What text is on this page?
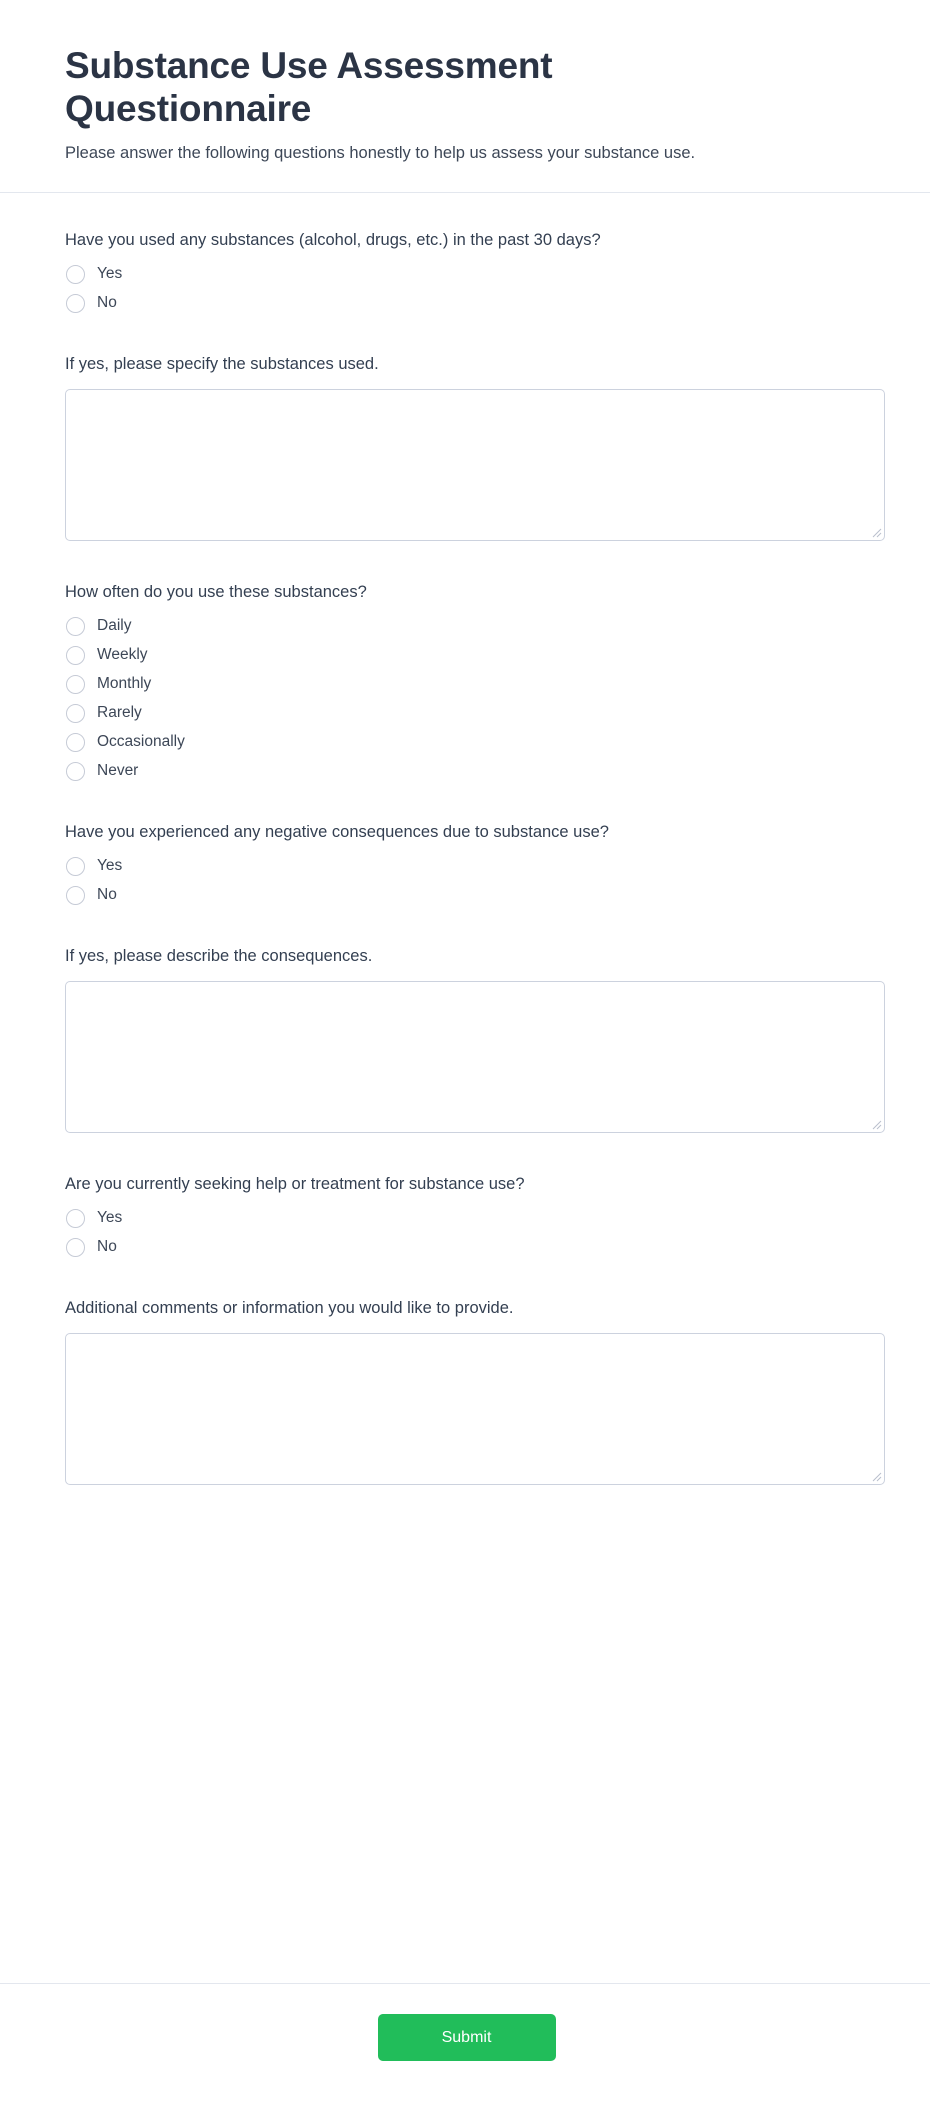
Substance Use Assessment Questionnaire

Please answer the following questions honestly to help us assess your substance use.

Have you used any substances (alcohol, drugs, etc.) in the past 30 days?

Yes
No

If yes, please specify the substances used.

How often do you use these substances?

Daily
Weekly
Monthly
Rarely
Occasionally
Never

Have you experienced any negative consequences due to substance use?

Yes
No

If yes, please describe the consequences.

Are you currently seeking help or treatment for substance use?

Yes
No

Additional comments or information you would like to provide.

Submit
